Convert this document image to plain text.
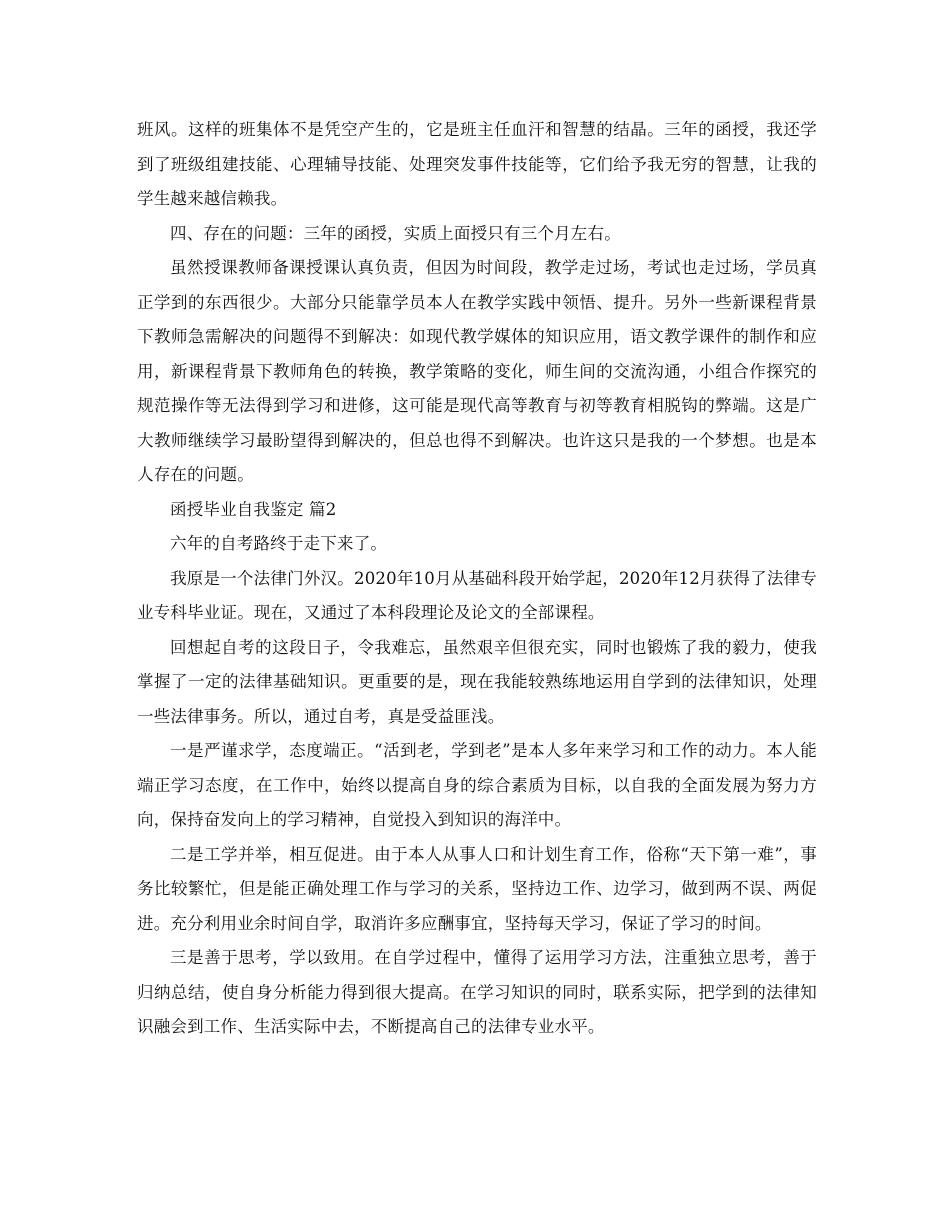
班风。这样的班集体不是凭空产生的，它是班主任血汗和智慧的结晶。三年的函授，我还学到了班级组建技能、心理辅导技能、处理突发事件技能等，它们给予我无穷的智慧，让我的学生越来越信赖我。

四、存在的问题：三年的函授，实质上面授只有三个月左右。

虽然授课教师备课授课认真负责，但因为时间段，教学走过场，考试也走过场，学员真正学到的东西很少。大部分只能靠学员本人在教学实践中领悟、提升。另外一些新课程背景下教师急需解决的问题得不到解决：如现代教学媒体的知识应用，语文教学课件的制作和应用，新课程背景下教师角色的转换，教学策略的变化，师生间的交流沟通，小组合作探究的规范操作等无法得到学习和进修，这可能是现代高等教育与初等教育相脱钩的弊端。这是广大教师继续学习最盼望得到解决的，但总也得不到解决。也许这只是我的一个梦想。也是本人存在的问题。

函授毕业自我鉴定 篇2

六年的自考路终于走下来了。

我原是一个法律门外汉。2020年10月从基础科段开始学起，2020年12月获得了法律专业专科毕业证。现在，又通过了本科段理论及论文的全部课程。

回想起自考的这段日子，令我难忘，虽然艰辛但很充实，同时也锻炼了我的毅力，使我掌握了一定的法律基础知识。更重要的是，现在我能较熟练地运用自学到的法律知识，处理一些法律事务。所以，通过自考，真是受益匪浅。

一是严谨求学，态度端正。“活到老，学到老”是本人多年来学习和工作的动力。本人能端正学习态度，在工作中，始终以提高自身的综合素质为目标，以自我的全面发展为努力方向，保持奋发向上的学习精神，自觉投入到知识的海洋中。

二是工学并举，相互促进。由于本人从事人口和计划生育工作，俗称“天下第一难”，事务比较繁忙，但是能正确处理工作与学习的关系，坚持边工作、边学习，做到两不误、两促进。充分利用业余时间自学，取消许多应酬事宜，坚持每天学习，保证了学习的时间。

三是善于思考，学以致用。在自学过程中，懂得了运用学习方法，注重独立思考，善于归纳总结，使自身分析能力得到很大提高。在学习知识的同时，联系实际，把学到的法律知识融会到工作、生活实际中去，不断提高自己的法律专业水平。
